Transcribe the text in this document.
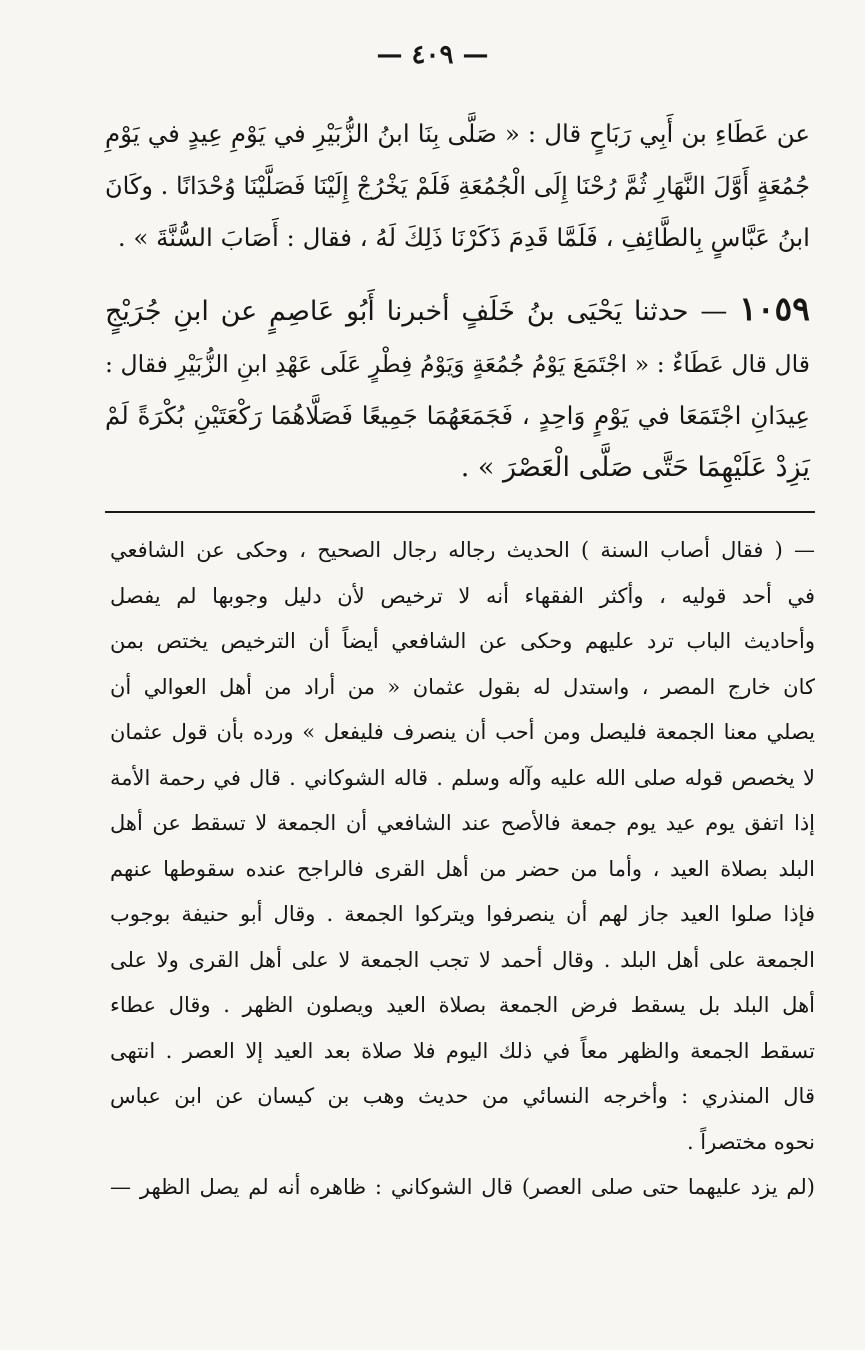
— ٤٠٩ —
عن عَطَاءِ بن أَبِي رَبَاحٍ قال : « صَلَّى بِنَا ابنُ الزُّبَيْرِ في يَوْمِ عِيدٍ في يَوْمِ
جُمُعَةٍ أَوَّلَ النَّهَارِ ثُمَّ رُحْنَا إِلَى الْجُمُعَةِ فَلَمْ يَخْرُجْ إِلَيْنَا فَصَلَّيْنَا وُحْدَانًا . وكَانَ
ابنُ عَبَّاسٍ بِالطَّائِفِ ، فَلَمَّا قَدِمَ ذَكَرْنَا ذَلِكَ لَهُ ، فقال : أَصَابَ السُّنَّةَ » .
١٠٥٩ — حدثنا يَحْيَى بنُ خَلَفٍ أخبرنا أَبُو عَاصِمٍ عن ابنِ جُرَيْجٍ
قال قال عَطَاءٌ : « اجْتَمَعَ يَوْمُ جُمُعَةٍ وَيَوْمُ فِطْرٍ عَلَى عَهْدِ ابنِ الزُّبَيْرِ فقال :
عِيدَانِ اجْتَمَعَا في يَوْمٍ وَاحِدٍ ، فَجَمَعَهُمَا جَمِيعًا فَصَلَّاهُمَا رَكْعَتَيْنِ بُكْرَةً لَمْ
يَزِدْ عَلَيْهِمَا حَتَّى صَلَّى الْعَصْرَ » .
— ( فقال أصاب السنة ) الحديث رجاله رجال الصحيح ، وحكى عن الشافعي
في أحد قوليه ، وأكثر الفقهاء أنه لا ترخيص لأن دليل وجوبها لم يفصل
وأحاديث الباب ترد عليهم وحكى عن الشافعي أيضاً أن الترخيص يختص بمن
كان خارج المصر ، واستدل له بقول عثمان « من أراد من أهل العوالي أن
يصلي معنا الجمعة فليصل ومن أحب أن ينصرف فليفعل » ورده بأن قول عثمان
لا يخصص قوله صلى الله عليه وآله وسلم . قاله الشوكاني . قال في رحمة الأمة
إذا اتفق يوم عيد يوم جمعة فالأصح عند الشافعي أن الجمعة لا تسقط عن أهل
البلد بصلاة العيد ، وأما من حضر من أهل القرى فالراجح عنده سقوطها عنهم
فإذا صلوا العيد جاز لهم أن ينصرفوا ويتركوا الجمعة . وقال أبو حنيفة بوجوب
الجمعة على أهل البلد . وقال أحمد لا تجب الجمعة لا على أهل القرى ولا على
أهل البلد بل يسقط فرض الجمعة بصلاة العيد ويصلون الظهر . وقال عطاء
تسقط الجمعة والظهر معاً في ذلك اليوم فلا صلاة بعد العيد إلا العصر . انتهى
قال المنذري : وأخرجه النسائي من حديث وهب بن كيسان عن ابن عباس
نحوه مختصراً .
(لم يزد عليهما حتى صلى العصر) قال الشوكاني : ظاهره أنه لم يصل الظهر —
